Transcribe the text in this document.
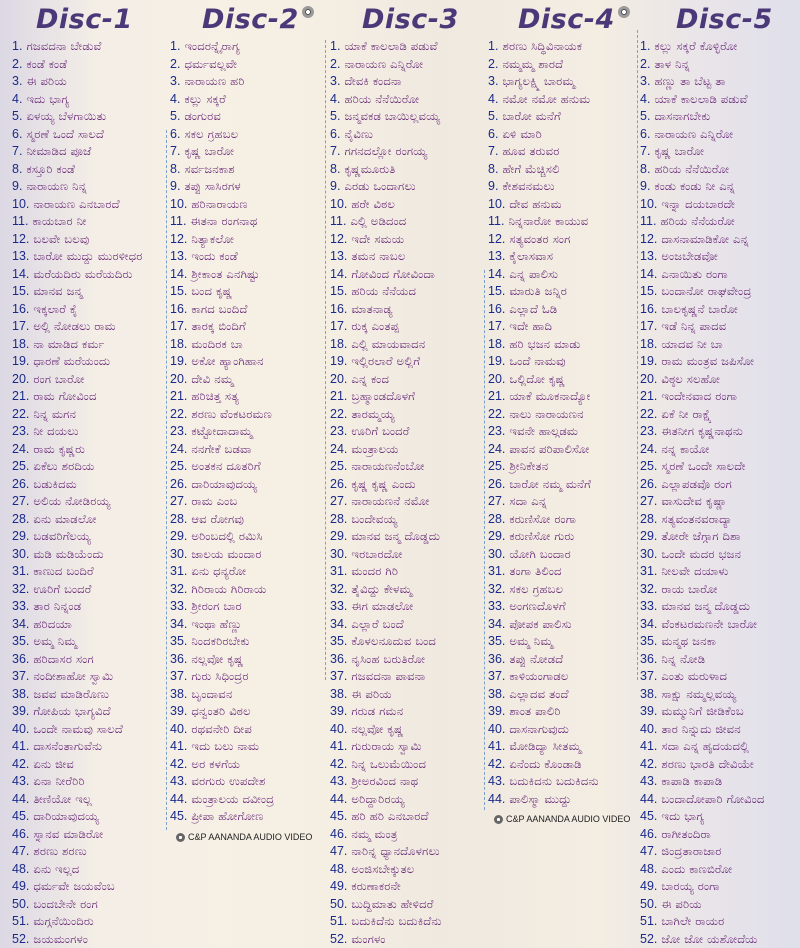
Disc-1
1. ಗಜವದನಾ ಬೇಡುವೆ
2. ಕಂಡೆ ಕಂಡೆ
3. ಈ ಪರಿಯ
4. ಇದು ಭಾಗ್ಯ
5. ಏಳಯ್ಯ ಬೆಳಗಾಯಿತು
6. ಸ್ಮರಣೆ ಒಂದೆ ಸಾಲದೆ
7. ನೀಮಾಡಿದ ಪೂಜೆ
8. ಕಸ್ತೂರಿ ಕಂಡೆ
9. ನಾರಾಯಣ ನಿನ್ನ
10. ನಾರಾಯಣ ಎನಬಾರದೆ
11. ಕಾಯಬಾರ ನೀ
12. ಬಲವೇ ಬಲವು
13. ಬಾರೋ ಮುದ್ದು ಮುರಳೀಧರ
14. ಮರೆಯದಿರು ಮರೆಯದಿರು
15. ಮಾನವ ಜನ್ಮ
16. ಇಕ್ಕಲಾರೆ ಕೈ
17. ಅಲ್ಲಿ ನೋಡಲು ರಾಮ
18. ನಾ ಮಾಡಿದ ಕರ್ಮ
19. ಧಾರಣೆ ಮರೆಯಂದು
20. ರಂಗ ಬಾರೋ
21. ರಾಮ ಗೋವಿಂದ
22. ನಿನ್ನ ಮಗನ
23. ನೀ ದಯಲು
24. ರಾಮ ಕೃಷ್ಣರು
25. ಏಕೆಲು ಶರದಿಯ
26. ಬಡುಕಿದಮ
27. ಅಲಿಯ ನೋಡಿರಯ್ಯ
28. ಏನು ಮಾಡಲೋ
29. ಬಡವರಿಗೆಲಯ್ಯ
30. ಮಡಿ ಮಡಿಯೆಂದು
31. ಕಾಣುದ ಬಂದಿರೆ
32. ಊರಿಗೆ ಬಂದರೆ
33. ತಾರ ನಿನ್ನಂಡ
34. ಹರಿದಯಾ
35. ಅಮ್ಮ ನಿಮ್ಮ
36. ಹರಿದಾಸರ ಸಂಗ
37. ನಂದೀಶಾಹೋ ಸ್ವಾಮಿ
38. ಜವವ ಮಾಡಿರೊಣು
39. ಗೋಪಿಯ ಭಾಗ್ಯವಿದೆ
40. ಒಂದೇ ನಾಮವು ಸಾಲದೆ
41. ದಾಸನೆಂತಾಗುವೆನು
42. ಏನು ಜೀವ
43. ಏನಾ ನೀರೆರಿರಿ
44. ತೀಣಿಯೋ ಇಲ್ಲ
45. ದಾರಿಯಾವುದಯ್ಯ
46. ಸ್ನಾನವ ಮಾಡಿರೋ
47. ಶರಣು ಶರಣು
48. ಏನು ಇಲ್ಲದ
49. ಧರ್ಮವೇ ಜಯವೆಂಬ
50. ಬಂದಬೇನೇ ರಂಗ
51. ಮಗ್ಗನೆಯಿಂದಿರು
52. ಜಯಮಂಗಳಂ
Disc-2
1. ಇಂದರನ್ನೈರಾಗ್ಯ
2. ಧರ್ಮವಲ್ಲವೇ
3. ನಾರಾಯಣ ಹರಿ
4. ಕಲ್ಲು ಸಕ್ಕರೆ
5. ಡಂಗುರವ
6. ಸಕಲ ಗ್ರಹಬಲ
7. ಕೃಷ್ಣ ಬಾರೋ
8. ಸರ್ವಜನಕಾಶ
9. ತಪ್ಪು ಸಾಸಿರಗಳ
10. ಹರಿನಾರಾಯಣ
11. ಈತನಾ ರಂಗನಾಥ
12. ನಿತ್ಯಾಕಲೋ
13. ಇಂದು ಕಂಡೆ
14. ಶ್ರೀಕಾಂತ ಎನಗಿಷ್ಟು
15. ಬಂದ ಕೃಷ್ಣ
16. ಕಾಗದ ಬಂದಿದೆ
17. ತಾರಕ್ಕ ಬಿಂದಿಗೆ
18. ಮಂದಿರಕ ಬಾ
19. ಅಕೋ ಹ್ಯಾಂಗಿಹಾನ
20. ದೇವಿ ನಮ್ಮ
21. ಹರಿಚಿತ್ತ ಸತ್ಯ
22. ಶರಣು ವೆಂಕಟರಮಣ
23. ಕಟ್ಟೋದಾದಾಮ್ಮ
24. ನನಗೇಕೆ ಬಡವಾ
25. ಅಂತಕನ ದೂತರಿಗೆ
26. ದಾರಿಯಾವುದಯ್ಯ
27. ರಾಮ ಎಂಬ
28. ಆವ ರೋಗವು
29. ಅರಿಂಬದಲ್ಲಿ ರಮಿಸಿ
30. ಜಾಲಯ ಮಂದಾರ
31. ಏನು ಧನ್ಯರೋ
32. ಗಿರಿರಾಯ ಗಿರಿರಾಯ
33. ಶ್ರೀರಂಗ ಬಾರ
34. ಇಂಥಾ ಹೆಣ್ಣು
35. ನಿಂದಕರಿರಬೇಕು
36. ನಲ್ಲವೋ ಕೃಷ್ಣ
37. ಗುರು ಸಿಧಿಂದ್ರರ
38. ಬೃಂದಾವನ
39. ಧನ್ವಂತರಿ ವಿಠಲ
40. ರಥವನೇರಿ ದೀಪ
41. ಇದು ಬಲು ನಾಮ
42. ಅರ ಕಳಗೆಯ
43. ವರಗುರು ಉಪದೇಶ
44. ಮಂತ್ರಾಲಯ ದವೀಂದ್ರ
45. ಪ್ರೀಪಾ ಹೋಗೋಣ
Disc-3
1. ಯಾಕೆ ಕಾಲಲಾಡಿ ಪಡುವೆ
2. ನಾರಾಯಣ ಎನ್ನಿರೋ
3. ದೇವಕಿ ಕಂದನಾ
4. ಹರಿಯ ನೆನೆಯಿರೋ
5. ಜನ್ಮವಕಡ ಬಾಯಿಲ್ಲವಯ್ಯ
6. ನೈವಿಣು
7. ಗಗನದಲ್ಲೋ ರಂಗಯ್ಯ
8. ಕೃಷ್ಣಮೂರುತಿ
9. ಎರಡು ಒಂದಾಗಲು
10. ಹರೇ ವಿಠಲ
11. ಎಲ್ಲಿ ಅಡಿದಂದ
12. ಇದೇ ಸಮಯ
13. ತಮನ ನಾಬಲ
14. ಗೋವಿಂದ ಗೋವಿಂದಾ
15. ಹರಿಯ ನೆನೆಯದ
16. ಮಾತನಾಡ್ಯ
17. ರುಕ್ಕ ಎಂತಪ್ಪ
18. ಎಲ್ಲಿ ಮಾಯವಾದನ
19. ಇಲ್ಲಿರಲಾರೆ ಅಲ್ಲಿಗೆ
20. ಎನ್ನ ಕಂದ
21. ಬ್ರಹ್ಮಾಂಡದೊಳಗೆ
22. ತಾರಮ್ಮಯ್ಯ
23. ಊರಿಗೆ ಬಂದರೆ
24. ಮಂತ್ರಾಲಯ
25. ನಾರಾಯಣನೆಂಬೋ
26. ಕೃಷ್ಣ ಕೃಷ್ಣ ಎಂದು
27. ನಾರಾಯಣನೆ ನಮೋ
28. ಬಂದೇವಯ್ಯ
29. ಮಾನವ ಜನ್ಮ ದೊಡ್ಡದು
30. ಇರಬಾರದೋ
31. ಮಂದರ ಗಿರಿ
32. ತೈವಿದ್ದು ಕೇಳಮ್ಮ
33. ಈಗ ಮಾಡಲೋ
34. ಎಲ್ಲಾರೆ ಬಂದೆ
35. ಕೊಳಲನೂದುವ ಬಂದ
36. ನೃಸಿಂಹ ಬರುತಿರೋ
37. ಗಜವದನಾ ಪಾವನಾ
38. ಈ ಪರಿಯ
39. ಗರುಡ ಗಮನ
40. ನಲ್ಲವೋ ಕೃಷ್ಣ
41. ಗುರುರಾಯ ಸ್ವಾಮಿ
42. ನಿನ್ನ ಒಲುಮೆಯಿಂದ
43. ಶ್ರೀಅರವಿಂದ ನಾಥ
44. ಅರಿದ್ದಾರಿರಯ್ಯ
45. ಹರಿ ಹರಿ ಎನಬಾರದೆ
46. ನಮ್ಮ ಮಂತ್ರ
47. ನಾರಿನ್ನ ಧ್ಯಾನದೊಳಗಲು
48. ಅಂಜಿಸಬೇಕ್ಕುತಲ
49. ಕರುಣಾಕರನೇ
50. ಬುದ್ದಿಮಾತು ಹೇಳಿದರೆ
51. ಬದುಕಿದೆನು ಬದುಕಿದೆನು
52. ಮಂಗಳಂ
Disc-4
1. ಶರಣು ಸಿದ್ಧಿವಿನಾಯಕ
2. ನಮ್ಮಮ್ಮ ಶಾರದೆ
3. ಭಾಗ್ಯಲಕ್ಷ್ಮಿ ಬಾರಮ್ಮ
4. ನಮೋ ನಮೋ ಹನುಮ
5. ಬಾರೋ ಮನೆಗೆ
6. ಏಳಿ ಮಾರಿ
7. ಹೂವ ತರುವರ
8. ಹೇಗೆ ಮೆಚ್ಚಿಸಲಿ
9. ಕೇಶವನಮಲು
10. ದೇವ ಹನುಮ
11. ನಿನ್ನನಾರೋ ಕಾಯುವ
12. ಸತ್ಯವಂತರ ಸಂಗ
13. ಕೈಲಾಸವಾಸ
14. ಎನ್ನ ಪಾಲಿಸು
15. ಮಾರುತಿ ಜನ್ನಿರ
16. ಎಲ್ಲಾದೆ ಓಡಿ
17. ಇದೇ ಹಾದಿ
18. ಹರಿ ಭಜನ ಮಾಡು
19. ಒಂದೆ ನಾಮವು
20. ಒಲ್ಲಿದೋ ಕೃಷ್ಣ
21. ಯಾಕೆ ಮೂಕನಾದ್ಯೋ
22. ನಾಲು ನಾರಾಯಣನ
23. ಇವನೇ ಹಾಲ್ಗಡಮ
24. ಪಾವನ ಪರಿಪಾಲಿಸೋ
25. ಶ್ರೀನಿಕೇತನ
26. ಬಾರೋ ನಮ್ಮ ಮನೆಗೆ
27. ಸದಾ ಎನ್ನ
28. ಕರುಣಿಸೋ ರಂಗಾ
29. ಕರುಣಿಸೋ ಗುರು
30. ಯೋಗಿ ಬಂದಾರ
31. ತಂಗಾ ತಿಲಿಂದ
32. ಸಕಲ ಗ್ರಹಬಲ
33. ಅಂಗಣದೊಳಗೆ
34. ಪೋಪಕ ಪಾಲಿಸು
35. ಅಮ್ಮ ನಿಮ್ಮ
36. ತಪ್ಪು ನೋಡದೆ
37. ಕಾಳಿಯಂಗಾಡಲ
38. ಎಲ್ಲಾದವ ತಂದೆ
39. ಶಾಂತ ಪಾಲಿರಿ
40. ದಾಸನಾಗುವುದು
41. ಮೋಡಿದ್ಯಾ ಸೀತಮ್ಮ
42. ಏನೆಂದು ಕೊಂಡಾಡಿ
43. ಬದುಕಿದನು ಬದುಕಿದನು
44. ಪಾಲಿಸ್ಮಾ ಮುದ್ದು
Disc-5
1. ಕಲ್ಲು ಸಕ್ಕರೆ ಕೊಳ್ಳಿರೋ
2. ತಾಳ ನಿನ್ನ
3. ಹಣ್ಣು ತಾ ಬೆಟ್ಟ ತಾ
4. ಯಾಕೆ ಕಾಲಲಾಡಿ ಪಡುವೆ
5. ದಾಸನಾಗಬೇಕು
6. ನಾರಾಯಣ ಎನ್ನಿರೋ
7. ಕೃಷ್ಣ ಬಾರೋ
8. ಹರಿಯ ನೆನೆಯಿರೋ
9. ಕಂಡು ಕಂಡು ನೀ ಎನ್ನ
10. ಇನ್ನಾ ದಯಬಾರದೇ
11. ಹರಿಯ ನೆನೆಯರೋ
12. ದಾಸನಾಮಾಡಿಕೋ ಎನ್ನ
13. ಅಂಜಬೇಡವೋ
14. ಎನಾಯಿತು ರಂಗಾ
15. ಬಂದಾನೋ ರಾಘವೇಂದ್ರ
16. ಬಾಲಕೃಷ್ಣನೆ ಬಾರೋ
17. ಇಡೆ ನಿನ್ನ ಪಾದವ
18. ಯಾದವ ನೀ ಬಾ
19. ರಾಮ ಮಂತ್ರವ ಜಪಿಸೋ
20. ವಿಠ್ಠಲ ಸಲಹೋ
21. ಇಂದೇನವಾದ ರಂಗಾ
22. ಏಕೆ ನೀ ರಾಕ್ಷ್ಕೆ
23. ಈತನೀಗ ಕೃಷ್ಣನಾಥನು
24. ನನ್ನ ಕಾಯೋ
25. ಸ್ಮರಣೆ ಒಂದೇ ಸಾಲದೇ
26. ಎಲ್ಲಾಪಡವೊ ರಂಗ
27. ವಾಸುದೇವ ಕೃಷ್ಣಾ
28. ಸತ್ಯವಂತನವರಾದ್ಯಾ
29. ತೋರೇ ಜೆಗ್ಗಾಗ ದಿಶಾ
30. ಒಂದೇ ಮದರ ಭಜನ
31. ನೀಲವೇ ದಯಾಳು
32. ರಾಯ ಬಾರೋ
33. ಮಾನವ ಜನ್ಮ ದೊಡ್ಡದು
34. ವೆಂಕಟರಮಣನೇ ಬಾರೋ
35. ಮನ್ಮಥ ಜನಕಾ
36. ನಿನ್ನ ನೋಡಿ
37. ಎಂತು ಮರುಳಾದ
38. ಸಾಕ್ಷು ನಮ್ಮಲ್ಲವಯ್ಯ
39. ಮಮ್ಮುನಿಗೆ ಜೀಡಿಕೆಂಬ
40. ತಾರ ನಿನ್ನುದು ಜೀವನ
41. ಸದಾ ಎನ್ನ ಹೃದಯದಲ್ಲಿ
42. ಶರಣು ಭಾರತಿ ದೇವಿಯೇ
43. ಕಾಪಾಡಿ ಕಾಪಾಡಿ
44. ಬಂದಾದೋಪಾರಿ ಗೋವಿಂದ
45. ಇದು ಭಾಗ್ಯ
46. ರಾಗೀತಂದಿರಾ
47. ಜಿಂದ್ರತಾರಾಜಾರ
48. ಎಂದು ಕಾಣಬಿರೋ
49. ಬಾರಯ್ಯ ರಂಗಾ
50. ಈ ಪರಿಯ
51. ಬಾಗಿಲೇ ರಾಯರ
52. ಜೋ ಜೋ ಯಶೋದೆಯ
C&P AANANDA AUDIO VIDEO
C&P AANANDA AUDIO VIDEO
